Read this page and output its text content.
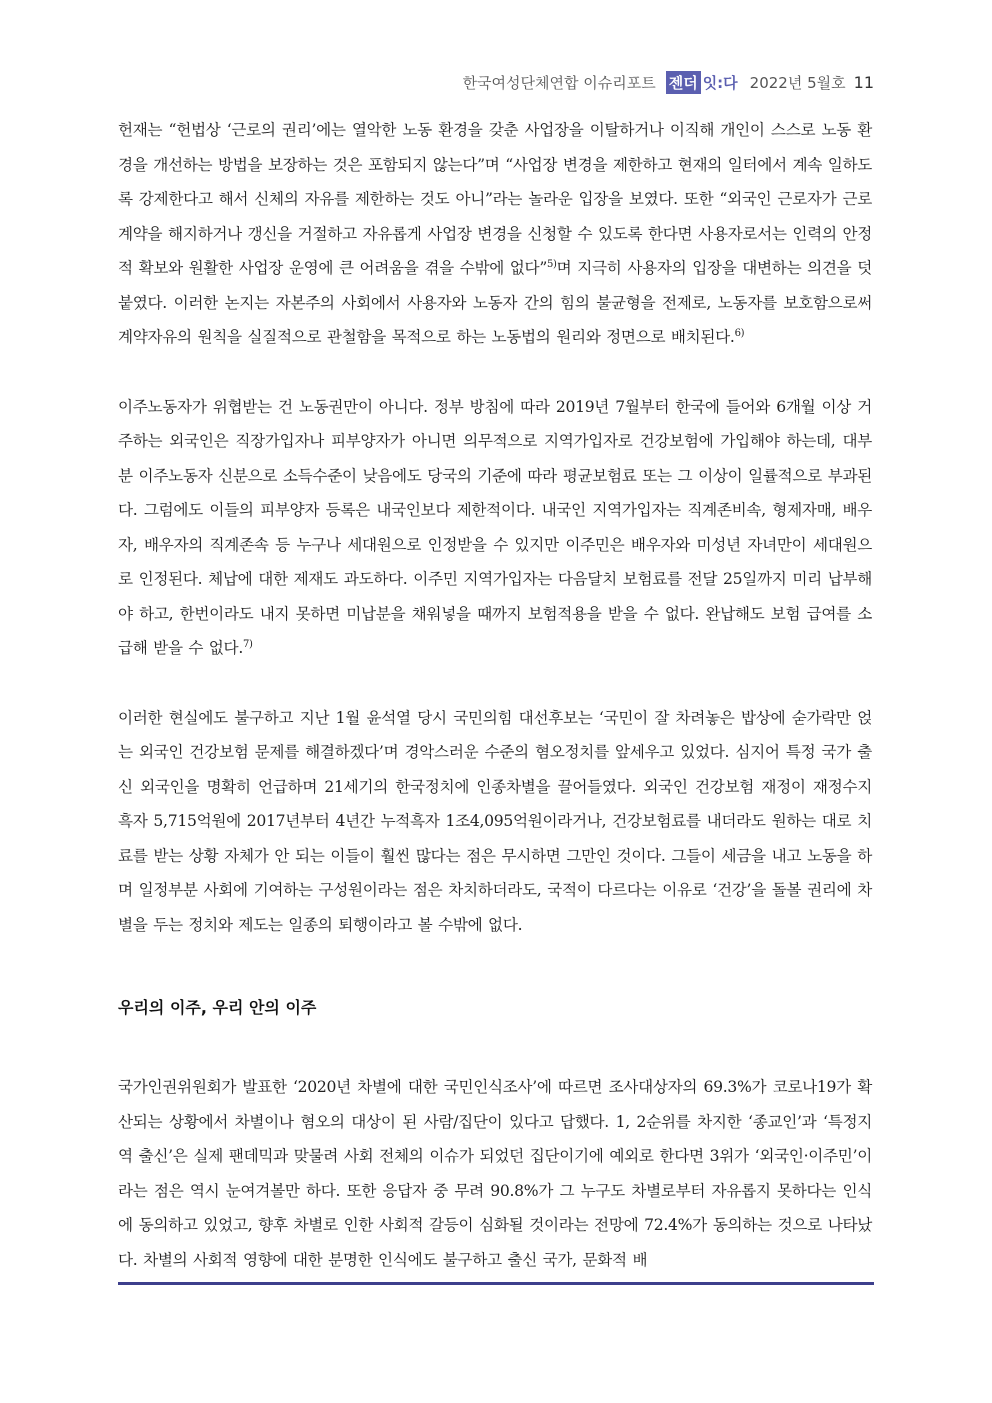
한국여성단체연합 이슈리포트 젠더 잇:다 2022년 5월호 11

헌재는 “헌법상 ‘근로의 권리’에는 열악한 노동 환경을 갖춘 사업장을 이탈하거나 이직해 개인이 스스로 노동 환경을 개선하는 방법을 보장하는 것은 포함되지 않는다”며 “사업장 변경을 제한하고 현재의 일터에서 계속 일하도록 강제한다고 해서 신체의 자유를 제한하는 것도 아니”라는 놀라운 입장을 보였다. 또한 “외국인 근로자가 근로계약을 해지하거나 갱신을 거절하고 자유롭게 사업장 변경을 신청할 수 있도록 한다면 사용자로서는 인력의 안정적 확보와 원활한 사업장 운영에 큰 어려움을 겪을 수밖에 없다”$^{5)}$며 지극히 사용자의 입장을 대변하는 의견을 덧붙였다. 이러한 논지는 자본주의 사회에서 사용자와 노동자 간의 힘의 불균형을 전제로, 노동자를 보호함으로써 계약자유의 원칙을 실질적으로 관철함을 목적으로 하는 노동법의 원리와 정면으로 배치된다.$^{6)}$

이주노동자가 위협받는 건 노동권만이 아니다. 정부 방침에 따라 2019년 7월부터 한국에 들어와 6개월 이상 거주하는 외국인은 직장가입자나 피부양자가 아니면 의무적으로 지역가입자로 건강보험에 가입해야 하는데, 대부분 이주노동자 신분으로 소득수준이 낮음에도 당국의 기준에 따라 평균보험료 또는 그 이상이 일률적으로 부과된다. 그럼에도 이들의 피부양자 등록은 내국인보다 제한적이다. 내국인 지역가입자는 직계존비속, 형제자매, 배우자, 배우자의 직계존속 등 누구나 세대원으로 인정받을 수 있지만 이주민은 배우자와 미성년 자녀만이 세대원으로 인정된다. 체납에 대한 제재도 과도하다. 이주민 지역가입자는 다음달치 보험료를 전달 25일까지 미리 납부해야 하고, 한번이라도 내지 못하면 미납분을 채워넣을 때까지 보험적용을 받을 수 없다. 완납해도 보험 급여를 소급해 받을 수 없다.$^{7)}$

이러한 현실에도 불구하고 지난 1월 윤석열 당시 국민의힘 대선후보는 ‘국민이 잘 차려놓은 밥상에 숟가락만 얹는 외국인 건강보험 문제를 해결하겠다’며 경악스러운 수준의 혐오정치를 앞세우고 있었다. 심지어 특정 국가 출신 외국인을 명확히 언급하며 21세기의 한국정치에 인종차별을 끌어들였다. 외국인 건강보험 재정이 재정수지 흑자 5,715억원에 2017년부터 4년간 누적흑자 1조4,095억원이라거나, 건강보험료를 내더라도 원하는 대로 치료를 받는 상황 자체가 안 되는 이들이 훨씬 많다는 점은 무시하면 그만인 것이다. 그들이 세금을 내고 노동을 하며 일정부분 사회에 기여하는 구성원이라는 점은 차치하더라도, 국적이 다르다는 이유로 ‘건강’을 돌볼 권리에 차별을 두는 정치와 제도는 일종의 퇴행이라고 볼 수밖에 없다.

우리의 이주, 우리 안의 이주

국가인권위원회가 발표한 ‘2020년 차별에 대한 국민인식조사’에 따르면 조사대상자의 69.3%가 코로나19가 확산되는 상황에서 차별이나 혐오의 대상이 된 사람/집단이 있다고 답했다. 1, 2순위를 차지한 ‘종교인’과 ‘특정지역 출신’은 실제 팬데믹과 맞물려 사회 전체의 이슈가 되었던 집단이기에 예외로 한다면 3위가 ‘외국인·이주민’이라는 점은 역시 눈여겨볼만 하다. 또한 응답자 중 무려 90.8%가 그 누구도 차별로부터 자유롭지 못하다는 인식에 동의하고 있었고, 향후 차별로 인한 사회적 갈등이 심화될 것이라는 전망에 72.4%가 동의하는 것으로 나타났다. 차별의 사회적 영향에 대한 분명한 인식에도 불구하고 출신 국가, 문화적 배
